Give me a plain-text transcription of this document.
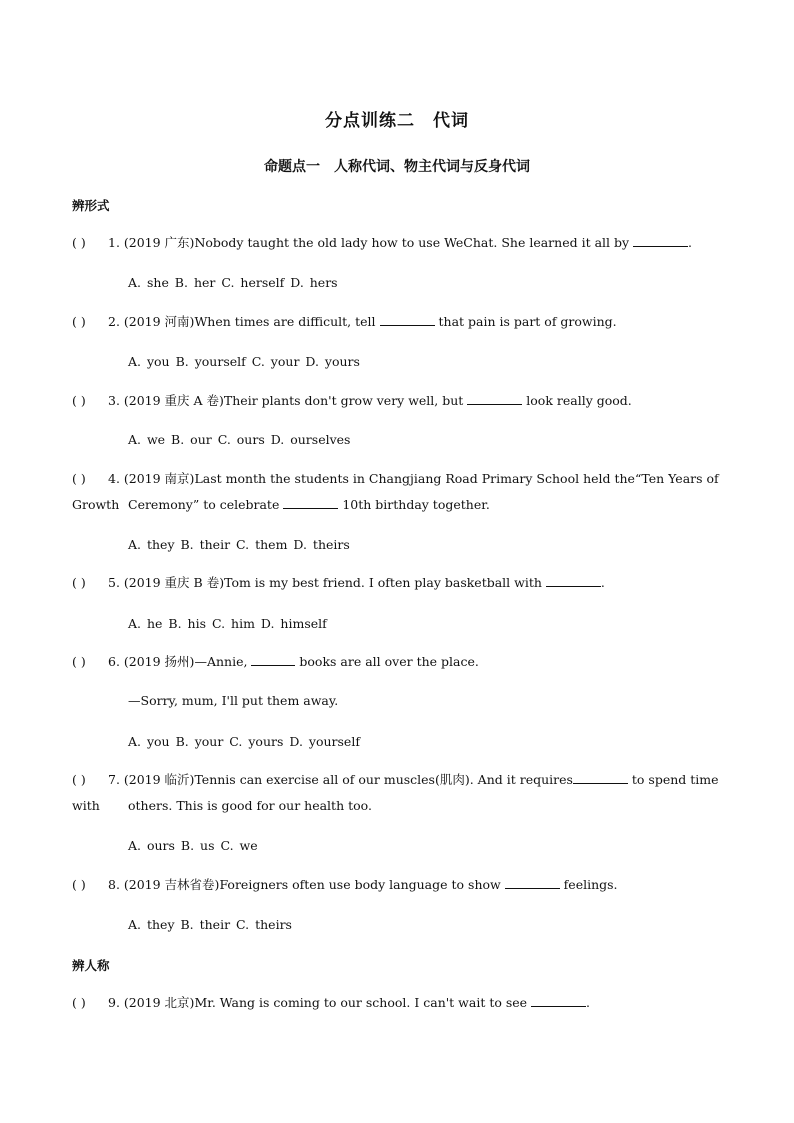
分点训练二　代词
命题点一　人称代词、物主代词与反身代词
辨形式
( ) 1. (2019 广东)Nobody taught the old lady how to use WeChat. She learned it all by	.
A. she B. her C. herself D. hers
( ) 2. (2019 河南)When times are difficult, tell	that pain is part of growing.
A. you B. yourself C. your D. yours
( ) 3. (2019 重庆 A 卷)Their plants don't grow very well, but	look really good.
A. we B. our C. ours D. ourselves
( ) 4. (2019 南京)Last month the students in Changjiang Road Primary School held the“Ten Years of Growth Ceremony” to celebrate	10th birthday together.
A. they B. their C. them D. theirs
( ) 5. (2019 重庆 B 卷)Tom is my best friend. I often play basketball with	.
A. he B. his C. him D. himself
( ) 6. (2019 扬州)—Annie,	books are all over the place.
—Sorry, mum, I'll put them away.
A. you B. your C. yours D. yourself
( ) 7. (2019 临沂)Tennis can exercise all of our muscles(肌肉). And it requires	to spend time with	others. This is good for our health too.
A. ours B. us C. we
( ) 8. (2019 吉林省卷)Foreigners often use body language to show	feelings.
A. they B. their C. theirs
辨人称
( ) 9. (2019 北京)Mr. Wang is coming to our school. I can't wait to see	.
